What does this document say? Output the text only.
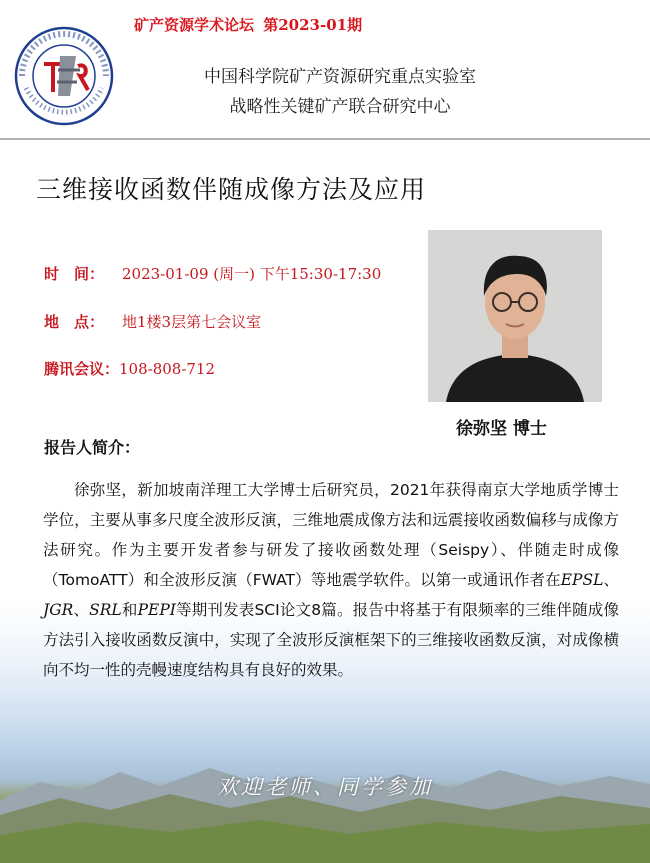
矿产资源学术论坛 第2023-01期
中国科学院矿产资源研究重点实验室
战略性关键矿产联合研究中心
三维接收函数伴随成像方法及应用
时　间： 2023-01-09 (周一) 下午15:30-17:30
地　点： 地1楼3层第七会议室
腾讯会议：108-808-712
徐弥坚 博士
报告人简介：
徐弥坚，新加坡南洋理工大学博士后研究员，2021年获得南京大学地质学博士学位，主要从事多尺度全波形反演，三维地震成像方法和远震接收函数偏移与成像方法研究。作为主要开发者参与研发了接收函数处理（Seispy）、伴随走时成像（TomoATT）和全波形反演（FWAT）等地震学软件。以第一或通讯作者在EPSL、JGR、SRL和PEPI等期刊发表SCI论文8篇。报告中将基于有限频率的三维伴随成像方法引入接收函数反演中，实现了全波形反演框架下的三维接收函数反演，对成像横向不均一性的壳幔速度结构具有良好的效果。
欢迎老师、同学参加
